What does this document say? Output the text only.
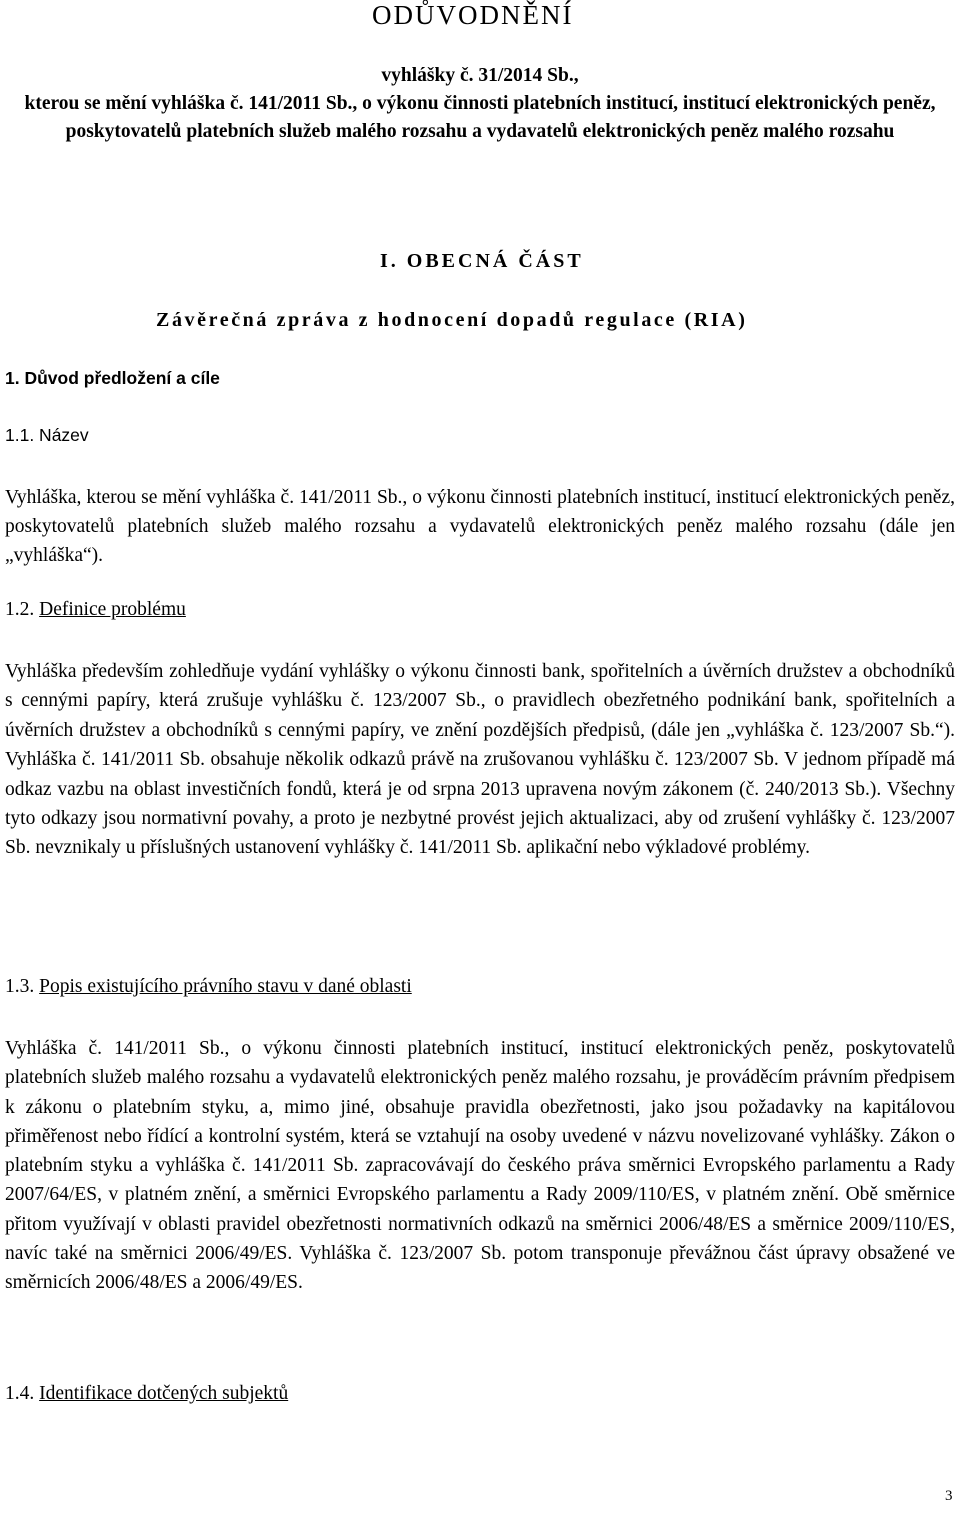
ODŮVODNĚNÍ
vyhlášky č. 31/2014 Sb.,
kterou se mění vyhláška č. 141/2011 Sb., o výkonu činnosti platebních institucí, institucí elektronických peněz, poskytovatelů platebních služeb malého rozsahu a vydavatelů elektronických peněz malého rozsahu
I. OBECNÁ ČÁST
Závěrečná zpráva z hodnocení dopadů regulace (RIA)
1. Důvod předložení a cíle
1.1. Název

Vyhláška, kterou se mění vyhláška č. 141/2011 Sb., o výkonu činnosti platebních institucí, institucí elektronických peněz, poskytovatelů platebních služeb malého rozsahu a vydavatelů elektronických peněz malého rozsahu (dále jen „vyhláška“).

1.2. Definice problému

Vyhláška především zohledňuje vydání vyhlášky o výkonu činnosti bank, spořitelních a úvěrních družstev a obchodníků s cennými papíry, která zrušuje vyhlášku č. 123/2007 Sb., o pravidlech obezřetného podnikání bank, spořitelních a úvěrních družstev a obchodníků s cennými papíry, ve znění pozdějších předpisů, (dále jen „vyhláška č. 123/2007 Sb.“). Vyhláška č. 141/2011 Sb. obsahuje několik odkazů právě na zrušovanou vyhlášku č. 123/2007 Sb. V jednom případě má odkaz vazbu na oblast investičních fondů, která je od srpna 2013 upravena novým zákonem (č. 240/2013 Sb.). Všechny tyto odkazy jsou normativní povahy, a proto je nezbytné provést jejich aktualizaci, aby od zrušení vyhlášky č. 123/2007 Sb. nevznikaly u příslušných ustanovení vyhlášky č. 141/2011 Sb. aplikační nebo výkladové problémy.

1.3. Popis existujícího právního stavu v dané oblasti

Vyhláška č. 141/2011 Sb., o výkonu činnosti platebních institucí, institucí elektronických peněz, poskytovatelů platebních služeb malého rozsahu a vydavatelů elektronických peněz malého rozsahu, je prováděcím právním předpisem k zákonu o platebním styku, a, mimo jiné, obsahuje pravidla obezřetnosti, jako jsou požadavky na kapitálovou přiměřenost nebo řídící a kontrolní systém, která se vztahují na osoby uvedené v názvu novelizované vyhlášky. Zákon o platebním styku a vyhláška č. 141/2011 Sb. zapracovávají do českého práva směrnici Evropského parlamentu a Rady 2007/64/ES, v platném znění, a směrnici Evropského parlamentu a Rady 2009/110/ES, v platném znění. Obě směrnice přitom využívají v oblasti pravidel obezřetnosti normativních odkazů na směrnici 2006/48/ES a směrnice 2009/110/ES, navíc také na směrnici 2006/49/ES. Vyhláška č. 123/2007 Sb. potom transponuje převážnou část úpravy obsažené ve směrnicích 2006/48/ES a 2006/49/ES.

1.4. Identifikace dotčených subjektů
3
